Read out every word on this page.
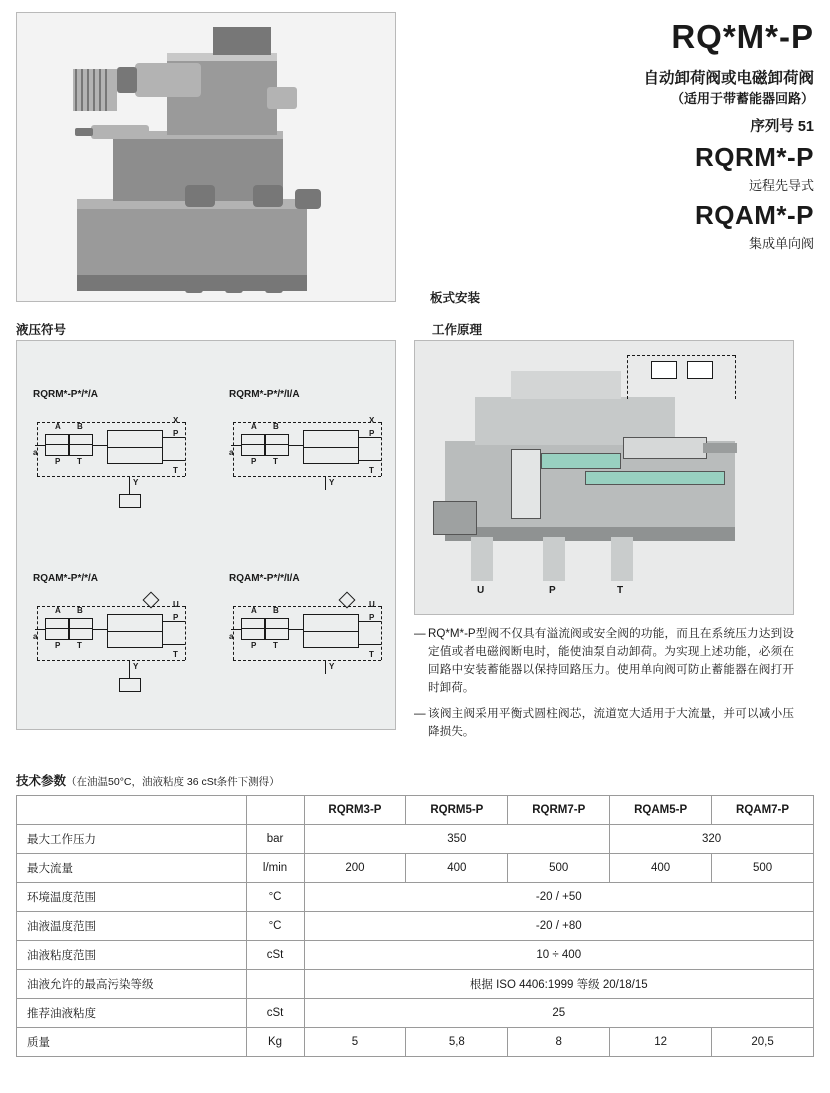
RQ*M*-P
自动卸荷阀或电磁卸荷阀
（适用于带蓄能器回路）
序列号 51
RQRM*-P
远程先导式
RQAM*-P
集成单向阀
板式安装
液压符号	工作原理
RQRM*-P*/*/A
a
A B
P T
X
P
T
Y
RQRM*-P*/*/I/A
a
A B
P T
X
P
T
Y
RQAM*-P*/*/A
a
A B
P T
U
P
T
Y
RQAM*-P*/*/I/A
a
A B
P T
U
P
T
Y
U	P	T
— RQ*M*-P型阀不仅具有溢流阀或安全阀的功能，而且在系统压力达到设定值或者电磁阀断电时，能使油泵自动卸荷。为实现上述功能，必须在回路中安装蓄能器以保持回路压力。使用单向阀可防止蓄能器在阀打开时卸荷。
— 该阀主阀采用平衡式圆柱阀芯，流道宽大适用于大流量，并可以减小压降损失。
技术参数（在油温50°C，油液粘度 36 cSt条件下测得）
		RQRM3-P	RQRM5-P	RQRM7-P	RQAM5-P	RQAM7-P
最大工作压力	bar	350			320	
最大流量	l/min	200	400	500	400	500
环境温度范围	°C	-20 / +50				
油液温度范围	°C	-20 / +80				
油液粘度范围	cSt	10 ÷ 400				
油液允许的最高污染等级		根据 ISO 4406:1999 等级 20/18/15				
推荐油液粘度	cSt	25				
质量	Kg	5	5,8	8	12	20,5
